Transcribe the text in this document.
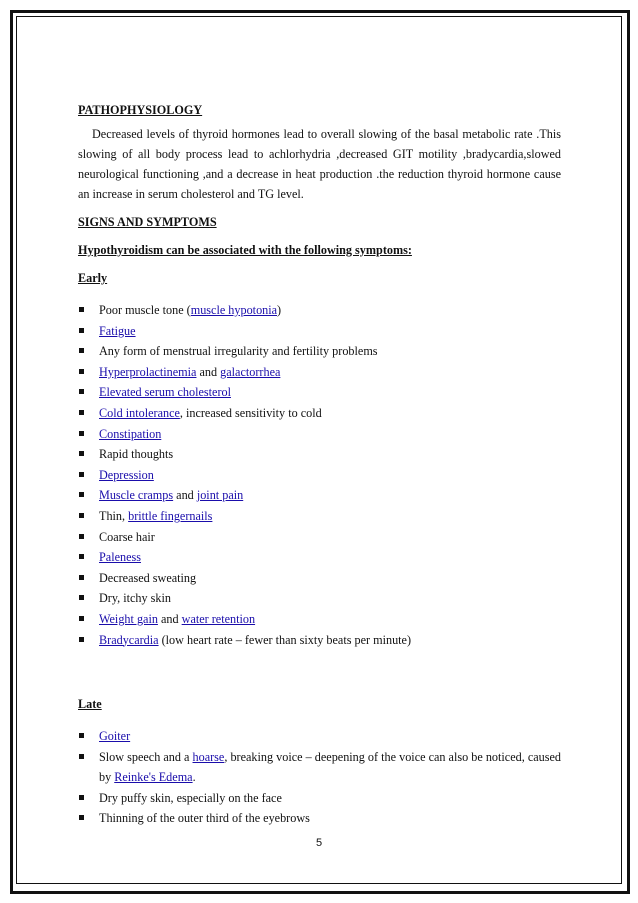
PATHOPHYSIOLOGY

Decreased levels of thyroid hormones lead to overall slowing of the basal metabolic rate .This slowing of all body process lead to achlorhydria ,decreased GIT motility ,bradycardia,slowed neurological functioning ,and a decrease in heat production .the reduction thyroid hormone cause an increase in serum cholesterol and TG level.

SIGNS AND SYMPTOMS

Hypothyroidism can be associated with the following symptoms:

Early

Poor muscle tone (muscle hypotonia)
Fatigue
Any form of menstrual irregularity and fertility problems
Hyperprolactinemia and galactorrhea
Elevated serum cholesterol
Cold intolerance, increased sensitivity to cold
Constipation
Rapid thoughts
Depression
Muscle cramps and joint pain
Thin, brittle fingernails
Coarse hair
Paleness
Decreased sweating
Dry, itchy skin
Weight gain and water retention
Bradycardia (low heart rate – fewer than sixty beats per minute)

Late

Goiter
Slow speech and a hoarse, breaking voice – deepening of the voice can also be noticed, caused by Reinke's Edema.
Dry puffy skin, especially on the face
Thinning of the outer third of the eyebrows
5
